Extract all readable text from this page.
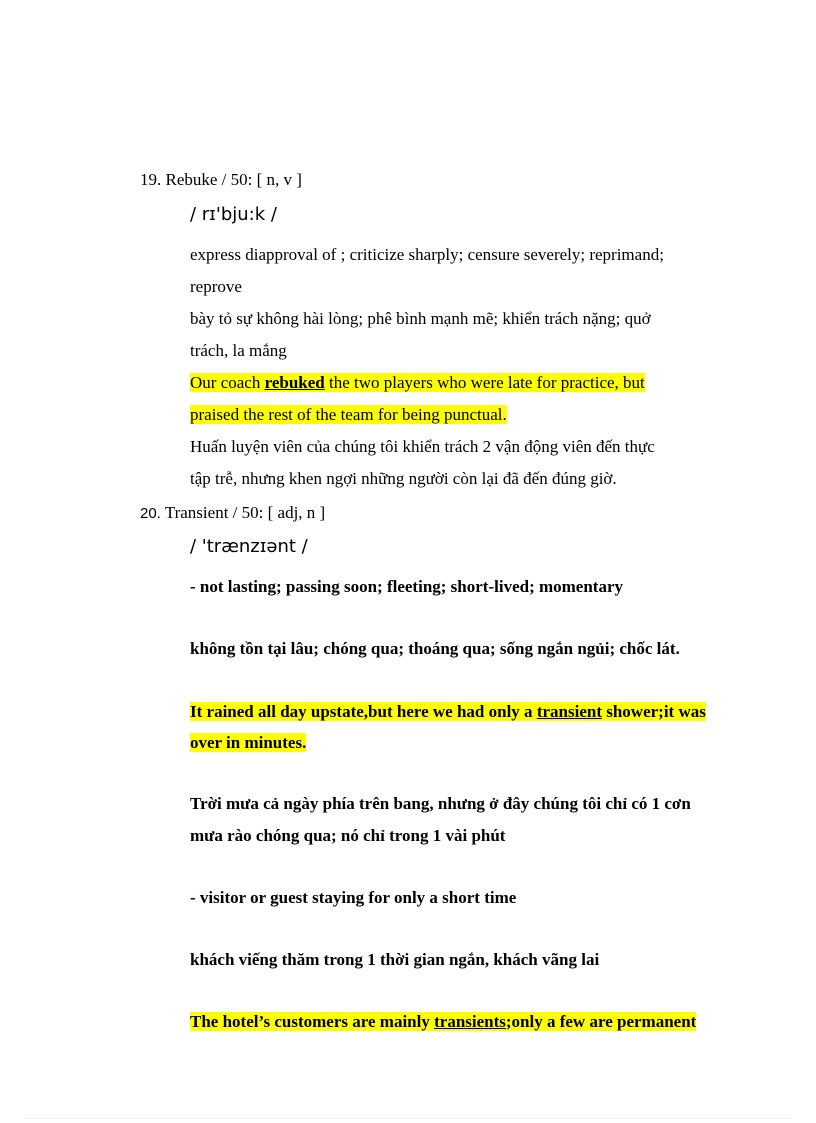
19. Rebuke / 50: [ n, v ]
/ rɪ'bju:k /
express diapproval of ; criticize sharply; censure severely; reprimand;
reprove
bày tỏ sự không hài lòng; phê bình mạnh mẽ; khiển trách nặng; quở
trách, la mắng
Our coach rebuked the two players who were late for practice, but
praised the rest of the team for being punctual.
Huấn luyện viên của chúng tôi khiển trách 2 vận động viên đến thực
tập trễ, nhưng khen ngợi những người còn lại đã đến đúng giờ.
20. Transient / 50: [ adj, n ]
/ 'trænzɪənt /
- not lasting; passing soon; fleeting; short-lived; momentary
không tồn tại lâu; chóng qua; thoáng qua; sống ngắn ngủi; chốc lát.
It rained all day upstate,but here we had only a transient shower;it was
over in minutes.
Trời mưa cả ngày phía trên bang, nhưng ở đây chúng tôi chỉ có 1 cơn
mưa rào chóng qua; nó chỉ trong 1 vài phút
- visitor or guest staying for only a short time
khách viếng thăm trong 1 thời gian ngắn, khách vãng lai
The hotel’s customers are mainly transients;only a few are permanent
